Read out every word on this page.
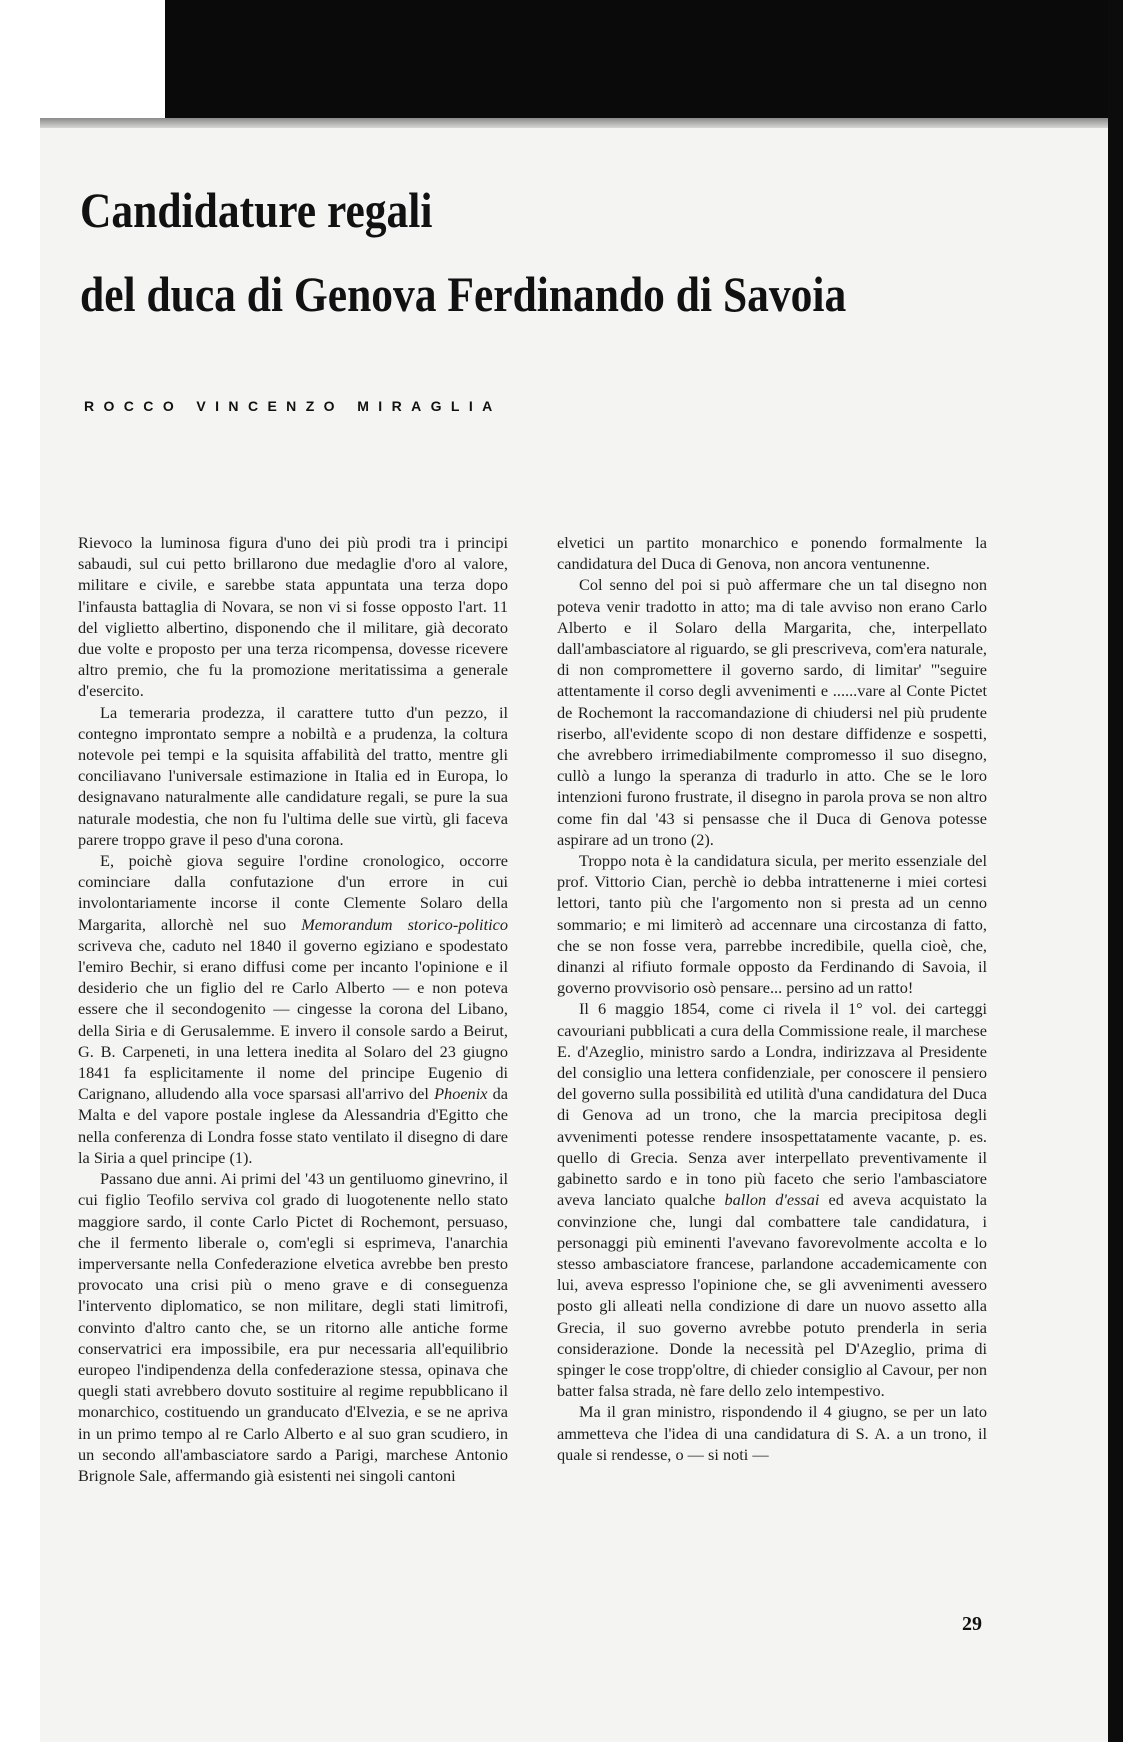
Candidature regali
del duca di Genova Ferdinando di Savoia
ROCCO VINCENZO MIRAGLIA

Rievoco la luminosa figura d'uno dei più prodi tra i principi sabaudi, sul cui petto brillarono due medaglie d'oro al valore, militare e civile, e sarebbe stata appuntata una terza dopo l'infausta battaglia di Novara, se non vi si fosse opposto l'art. 11 del viglietto albertino, disponendo che il militare, già decorato due volte e proposto per una terza ricompensa, dovesse ricevere altro premio, che fu la promozione meritatissima a generale d'esercito.

La temeraria prodezza, il carattere tutto d'un pezzo, il contegno improntato sempre a nobiltà e a prudenza, la coltura notevole pei tempi e la squisita affabilità del tratto, mentre gli conciliavano l'universale estimazione in Italia ed in Europa, lo designavano naturalmente alle candidature regali, se pure la sua naturale modestia, che non fu l'ultima delle sue virtù, gli faceva parere troppo grave il peso d'una corona.

E, poichè giova seguire l'ordine cronologico, occorre cominciare dalla confutazione d'un errore in cui involontariamente incorse il conte Clemente Solaro della Margarita, allorchè nel suo Memorandum storico-politico scriveva che, caduto nel 1840 il governo egiziano e spodestato l'emiro Bechir, si erano diffusi come per incanto l'opinione e il desiderio che un figlio del re Carlo Alberto — e non poteva essere che il secondogenito — cingesse la corona del Libano, della Siria e di Gerusalemme. E invero il console sardo a Beirut, G. B. Carpeneti, in una lettera inedita al Solaro del 23 giugno 1841 fa esplicitamente il nome del principe Eugenio di Carignano, alludendo alla voce sparsasi all'arrivo del Phoenix da Malta e del vapore postale inglese da Alessandria d'Egitto che nella conferenza di Londra fosse stato ventilato il disegno di dare la Siria a quel principe (1).

Passano due anni. Ai primi del '43 un gentiluomo ginevrino, il cui figlio Teofilo serviva col grado di luogotenente nello stato maggiore sardo, il conte Carlo Pictet di Rochemont, persuaso, che il fermento liberale o, com'egli si esprimeva, l'anarchia imperversante nella Confederazione elvetica avrebbe ben presto provocato una crisi più o meno grave e di conseguenza l'intervento diplomatico, se non militare, degli stati limitrofi, convinto d'altro canto che, se un ritorno alle antiche forme conservatrici era impossibile, era pur necessaria all'equilibrio europeo l'indipendenza della confederazione stessa, opinava che quegli stati avrebbero dovuto sostituire al regime repubblicano il monarchico, costituendo un granducato d'Elvezia, e se ne apriva in un primo tempo al re Carlo Alberto e al suo gran scudiero, in un secondo all'ambasciatore sardo a Parigi, marchese Antonio Brignole Sale, affermando già esistenti nei singoli cantoni

elvetici un partito monarchico e ponendo formalmente la candidatura del Duca di Genova, non ancora ventunenne.

Col senno del poi si può affermare che un tal disegno non poteva venir tradotto in atto; ma di tale avviso non erano Carlo Alberto e il Solaro della Margarita, che, interpellato dall'ambasciatore al riguardo, se gli prescriveva, com'era naturale, di non compromettere il governo sardo, di limitar' '''seguire attentamente il corso degli avvenimenti e ......vare al Conte Pictet de Rochemont la raccomandazione di chiudersi nel più prudente riserbo, all'evidente scopo di non destare diffidenze e sospetti, che avrebbero irrimediabilmente compromesso il suo disegno, cullò a lungo la speranza di tradurlo in atto. Che se le loro intenzioni furono frustrate, il disegno in parola prova se non altro come fin dal '43 si pensasse che il Duca di Genova potesse aspirare ad un trono (2).

Troppo nota è la candidatura sicula, per merito essenziale del prof. Vittorio Cian, perchè io debba intrattenerne i miei cortesi lettori, tanto più che l'argomento non si presta ad un cenno sommario; e mi limiterò ad accennare una circostanza di fatto, che se non fosse vera, parrebbe incredibile, quella cioè, che, dinanzi al rifiuto formale opposto da Ferdinando di Savoia, il governo provvisorio osò pensare... persino ad un ratto!

Il 6 maggio 1854, come ci rivela il 1° vol. dei carteggi cavouriani pubblicati a cura della Commissione reale, il marchese E. d'Azeglio, ministro sardo a Londra, indirizzava al Presidente del consiglio una lettera confidenziale, per conoscere il pensiero del governo sulla possibilità ed utilità d'una candidatura del Duca di Genova ad un trono, che la marcia precipitosa degli avvenimenti potesse rendere insospettatamente vacante, p. es. quello di Grecia. Senza aver interpellato preventivamente il gabinetto sardo e in tono più faceto che serio l'ambasciatore aveva lanciato qualche ballon d'essai ed aveva acquistato la convinzione che, lungi dal combattere tale candidatura, i personaggi più eminenti l'avevano favorevolmente accolta e lo stesso ambasciatore francese, parlandone accademicamente con lui, aveva espresso l'opinione che, se gli avvenimenti avessero posto gli alleati nella condizione di dare un nuovo assetto alla Grecia, il suo governo avrebbe potuto prenderla in seria considerazione. Donde la necessità pel D'Azeglio, prima di spinger le cose tropp'oltre, di chieder consiglio al Cavour, per non batter falsa strada, nè fare dello zelo intempestivo.

Ma il gran ministro, rispondendo il 4 giugno, se per un lato ammetteva che l'idea di una candidatura di S. A. a un trono, il quale si rendesse, o — si noti —

29
